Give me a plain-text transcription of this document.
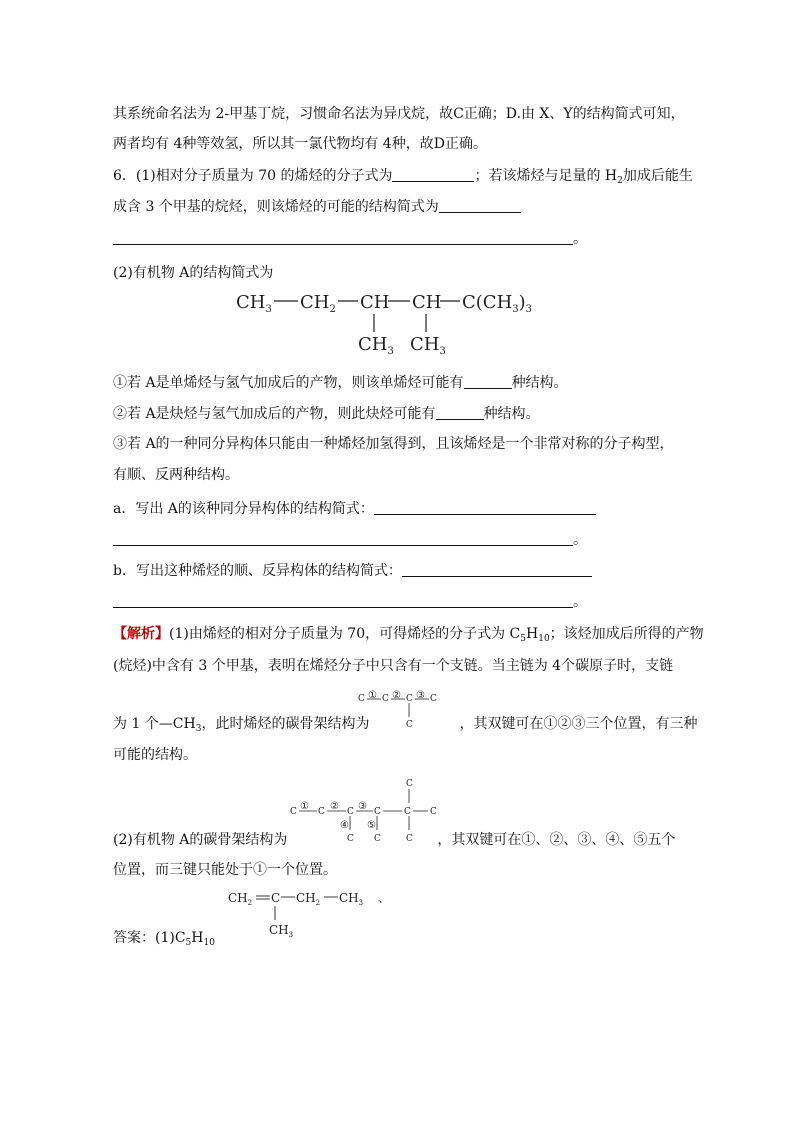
其系统命名法为 2-甲基丁烷，习惯命名法为异戊烷，故C正确；D.由 X、Y的结构简式可知，
两者均有 4种等效氢，所以其一氯代物均有 4种，故D正确。
6．(1)相对分子质量为 70 的烯烃的分子式为	；若该烯烃与足量的 $H_2$加成后能生
成含 3 个甲基的烷烃，则该烯烃的可能的结构简式为
。
(2)有机物 A的结构简式为
$CH_3$ $CH_2$ CH CH $C(CH_3)_3$
$CH_3$ $CH_3$
①若 A是单烯烃与氢气加成后的产物，则该单烯烃可能有	种结构。
②若 A是炔烃与氢气加成后的产物，则此炔烃可能有	种结构。
③若 A的一种同分异构体只能由一种烯烃加氢得到，且该烯烃是一个非常对称的分子构型，
有顺、反两种结构。
a．写出 A的该种同分异构体的结构简式：
。
b．写出这种烯烃的顺、反异构体的结构简式：
。
【解析】(1)由烯烃的相对分子质量为 70，可得烯烃的分子式为 $C_5H_{10}$；该烃加成后所得的产物
(烷烃)中含有 3 个甲基，表明在烯烃分子中只含有一个支链。当主链为 4个碳原子时，支链
C ① C ② C ③ C
C
为 1 个$—CH_3$，此时烯烃的碳骨架结构为	，其双键可在①②③三个位置，有三种
可能的结构。
C
C ① C ② C ③ C	C C
④ ⑤
C C	C
(2)有机物 A的碳骨架结构为	，其双键可在①、②、③、④、⑤五个
位置，而三键只能处于①一个位置。
$CH_2$ C $CH_2$ $CH_3$ 、
$CH_3$
答案：$(1)C_5H_{10}$
